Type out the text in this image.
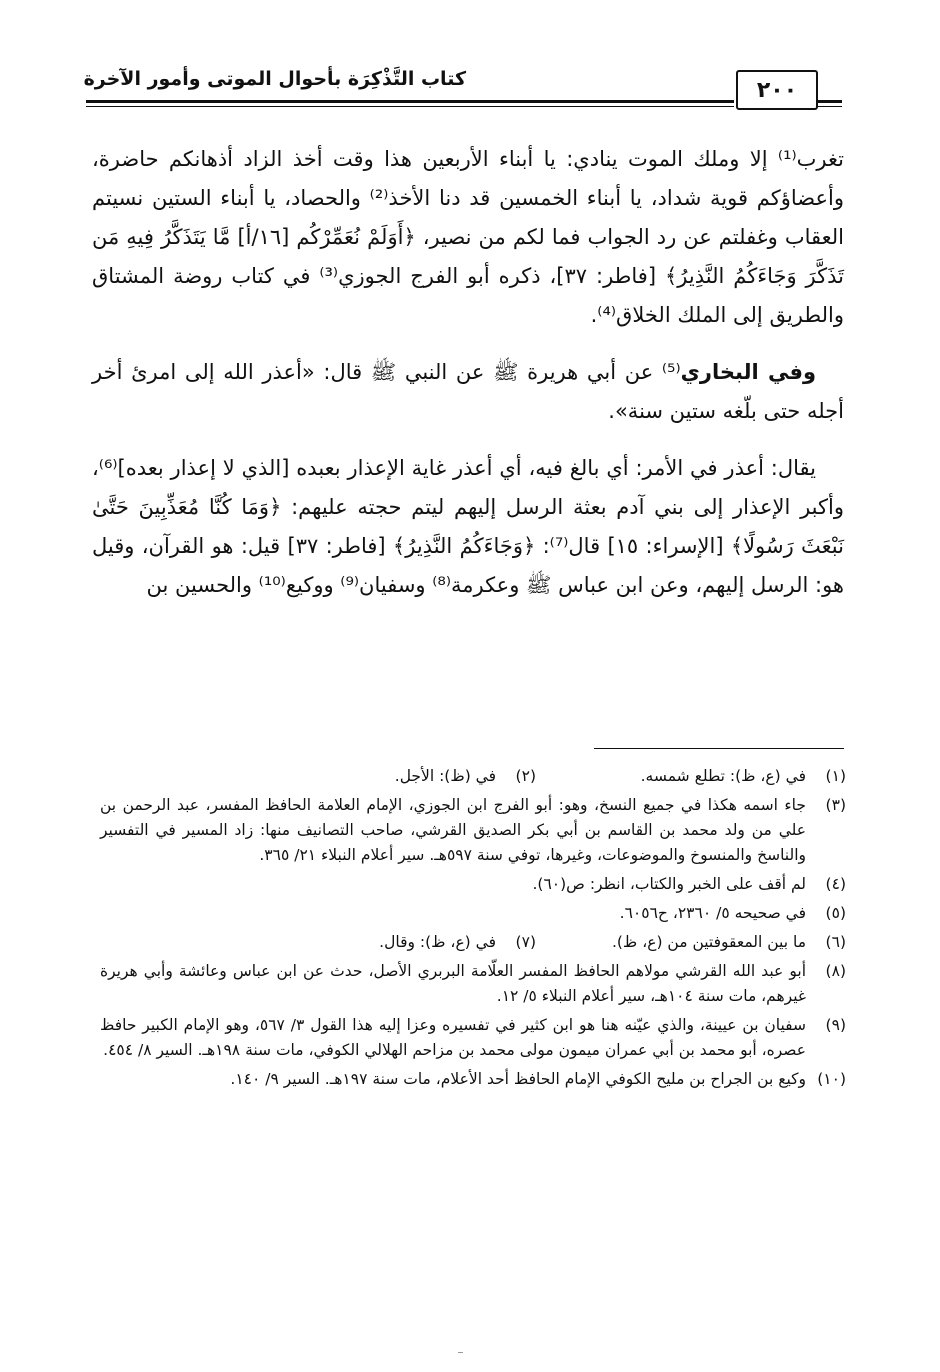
كتاب التَّذْكِرَة بأحوال الموتى وأمور الآخرة	٢٠٠

تغرب⁽¹⁾ إلا وملك الموت ينادي: يا أبناء الأربعين هذا وقت أخذ الزاد أذهانكم حاضرة، وأعضاؤكم قوية شداد، يا أبناء الخمسين قد دنا الأخذ⁽²⁾ والحصاد، يا أبناء الستين نسيتم العقاب وغفلتم عن رد الجواب فما لكم من نصير، ﴿أَوَلَمْ نُعَمِّرْكُم [١٦/أ] مَّا يَتَذَكَّرُ فِيهِ مَن تَذَكَّرَ وَجَاءَكُمُ النَّذِيرُ﴾ [فاطر: ٣٧]، ذكره أبو الفرج الجوزي⁽³⁾ في كتاب روضة المشتاق والطريق إلى الملك الخلاق⁽⁴⁾.

وفي البخاري⁽⁵⁾ عن أبي هريرة ﷺ عن النبي ﷺ قال: «أعذر الله إلى امرئ أخر أجله حتى بلّغه ستين سنة».

يقال: أعذر في الأمر: أي بالغ فيه، أي أعذر غاية الإعذار بعبده [الذي لا إعذار بعده]⁽⁶⁾، وأكبر الإعذار إلى بني آدم بعثة الرسل إليهم ليتم حجته عليهم: ﴿وَمَا كُنَّا مُعَذِّبِينَ حَتَّىٰ نَبْعَثَ رَسُولًا﴾ [الإسراء: ١٥] قال⁽⁷⁾: ﴿وَجَاءَكُمُ النَّذِيرُ﴾ [فاطر: ٣٧] قيل: هو القرآن، وقيل هو: الرسل إليهم، وعن ابن عباس ﷺ وعكرمة⁽⁸⁾ وسفيان⁽⁹⁾ ووكيع⁽¹⁰⁾ والحسين بن

(١)
في (ع، ظ): تطلع شمسه.
(٢)
في (ظ): الأجل.
(٣)
جاء اسمه هكذا في جميع النسخ، وهو: أبو الفرج ابن الجوزي، الإمام العلامة الحافظ المفسر، عبد الرحمن بن علي من ولد محمد بن القاسم بن أبي بكر الصديق القرشي، صاحب التصانيف منها: زاد المسير في التفسير والناسخ والمنسوخ والموضوعات، وغيرها، توفي سنة ٥٩٧هـ. سير أعلام النبلاء ٢١/ ٣٦٥.
(٤)
لم أقف على الخبر والكتاب، انظر: ص(٦٠).
(٥)
في صحيحه ٥/ ٢٣٦٠، ح٦٠٥٦.
(٦)
ما بين المعقوفتين من (ع، ظ).
(٧)
في (ع، ظ): وقال.
(٨)
أبو عبد الله القرشي مولاهم الحافظ المفسر العلّامة البربري الأصل، حدث عن ابن عباس وعائشة وأبي هريرة غيرهم، مات سنة ١٠٤هـ، سير أعلام النبلاء ٥/ ١٢.
(٩)
سفيان بن عيينة، والذي عيّنه هنا هو ابن كثير في تفسيره وعزا إليه هذا القول ٣/ ٥٦٧، وهو الإمام الكبير حافظ عصره، أبو محمد بن أبي عمران ميمون مولى محمد بن مزاحم الهلالي الكوفي، مات سنة ١٩٨هـ. السير ٨/ ٤٥٤.
(١٠)
وكيع بن الجراح بن مليح الكوفي الإمام الحافظ أحد الأعلام، مات سنة ١٩٧هـ. السير ٩/ ١٤٠.
